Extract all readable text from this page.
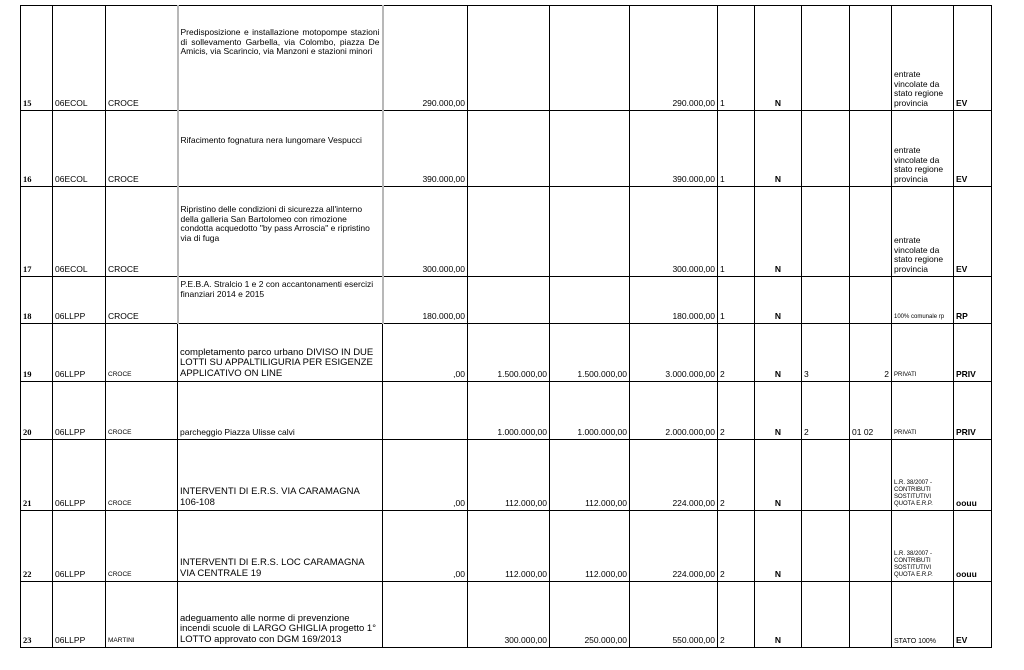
15	06ECOL	CROCE	Predisposizione e installazione motopompe stazioni di sollevamento Garbella, via Colombo, piazza De Amicis, via Scarincio, via Manzoni e stazioni minori	290.000,00			290.000,00	1	N			entrate vincolate da stato regione provincia	EV
16	06ECOL	CROCE	Rifacimento fognatura nera lungomare Vespucci	390.000,00			390.000,00	1	N			entrate vincolate da stato regione provincia	EV
17	06ECOL	CROCE	Ripristino delle condizioni di sicurezza all'interno della galleria San Bartolomeo con rimozione condotta acquedotto "by pass Arroscia" e ripristino via di fuga	300.000,00			300.000,00	1	N			entrate vincolate da stato regione provincia	EV
18	06LLPP	CROCE	P.E.B.A. Stralcio 1 e 2 con accantonamenti esercizi finanziari 2014 e 2015	180.000,00			180.000,00	1	N			100% comunale rp	RP
19	06LLPP	CROCE	completamento parco urbano DIVISO IN DUE LOTTI SU APPALTILIGURIA PER ESIGENZE APPLICATIVO ON LINE	,00	1.500.000,00	1.500.000,00	3.000.000,00	2	N	3	2	PRIVATI	PRIV
20	06LLPP	CROCE	parcheggio Piazza Ulisse calvi		1.000.000,00	1.000.000,00	2.000.000,00	2	N	2	01 02	PRIVATI	PRIV
21	06LLPP	CROCE	INTERVENTI DI E.R.S. VIA CARAMAGNA 106-108	,00	112.000,00	112.000,00	224.000,00	2	N			L.R. 38/2007 - CONTRIBUTI SOSTITUTIVI QUOTA E.R.P.	oouu
22	06LLPP	CROCE	INTERVENTI DI E.R.S. LOC CARAMAGNA VIA CENTRALE 19	,00	112.000,00	112.000,00	224.000,00	2	N			L.R. 38/2007 - CONTRIBUTI SOSTITUTIVI QUOTA E.R.P.	oouu
23	06LLPP	MARTINI	adeguamento alle norme di prevenzione incendi scuole di LARGO GHIGLIA progetto 1° LOTTO approvato con DGM 169/2013		300.000,00	250.000,00	550.000,00	2	N			STATO 100%	EV
